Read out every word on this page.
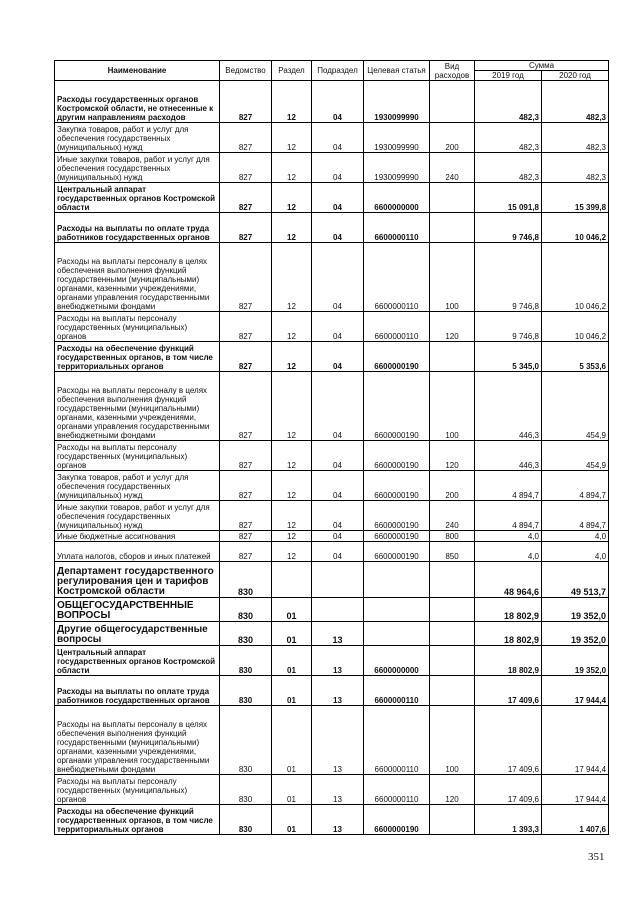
Наименование	Ведомство	Раздел	Подраздел	Целевая статья	Вид расходов	Сумма	
						2019 год	2020 год
Расходы государственных органов Костромской области, не отнесенные к другим направлениям расходов	827	12	04	1930099990		482,3	482,3
Закупка товаров, работ и услуг для обеспечения государственных (муниципальных) нужд	827	12	04	1930099990	200	482,3	482,3
Иные закупки товаров, работ и услуг для обеспечения государственных (муниципальных) нужд	827	12	04	1930099990	240	482,3	482,3
Центральный аппарат государственных органов Костромской области	827	12	04	6600000000		15 091,8	15 399,8
Расходы на выплаты по оплате труда работников государственных органов	827	12	04	6600000110		9 746,8	10 046,2
Расходы на выплаты персоналу в целях обеспечения выполнения функций государственными (муниципальными) органами, казенными учреждениями, органами управления государственными внебюджетными фондами	827	12	04	6600000110	100	9 746,8	10 046,2
Расходы на выплаты персоналу государственных (муниципальных) органов	827	12	04	6600000110	120	9 746,8	10 046,2
Расходы на обеспечение функций государственных органов, в том числе территориальных органов	827	12	04	6600000190		5 345,0	5 353,6
Расходы на выплаты персоналу в целях обеспечения выполнения функций государственными (муниципальными) органами, казенными учреждениями, органами управления государственными внебюджетными фондами	827	12	04	6600000190	100	446,3	454,9
Расходы на выплаты персоналу государственных (муниципальных) органов	827	12	04	6600000190	120	446,3	454,9
Закупка товаров, работ и услуг для обеспечения государственных (муниципальных) нужд	827	12	04	6600000190	200	4 894,7	4 894,7
Иные закупки товаров, работ и услуг для обеспечения государственных (муниципальных) нужд	827	12	04	6600000190	240	4 894,7	4 894,7
Иные бюджетные ассигнования	827	12	04	6600000190	800	4,0	4,0
Уплата налогов, сборов и иных платежей	827	12	04	6600000190	850	4,0	4,0
Департамент государственного регулирования цен и тарифов Костромской области	830					48 964,6	49 513,7
ОБЩЕГОСУДАРСТВЕННЫЕ ВОПРОСЫ	830	01				18 802,9	19 352,0
Другие общегосударственные вопросы	830	01	13			18 802,9	19 352,0
Центральный аппарат государственных органов Костромской области	830	01	13	6600000000		18 802,9	19 352,0
Расходы на выплаты по оплате труда работников государственных органов	830	01	13	6600000110		17 409,6	17 944,4
Расходы на выплаты персоналу в целях обеспечения выполнения функций государственными (муниципальными) органами, казенными учреждениями, органами управления государственными внебюджетными фондами	830	01	13	6600000110	100	17 409,6	17 944,4
Расходы на выплаты персоналу государственных (муниципальных) органов	830	01	13	6600000110	120	17 409,6	17 944,4
Расходы на обеспечение функций государственных органов, в том числе территориальных органов	830	01	13	6600000190		1 393,3	1 407,6
351
